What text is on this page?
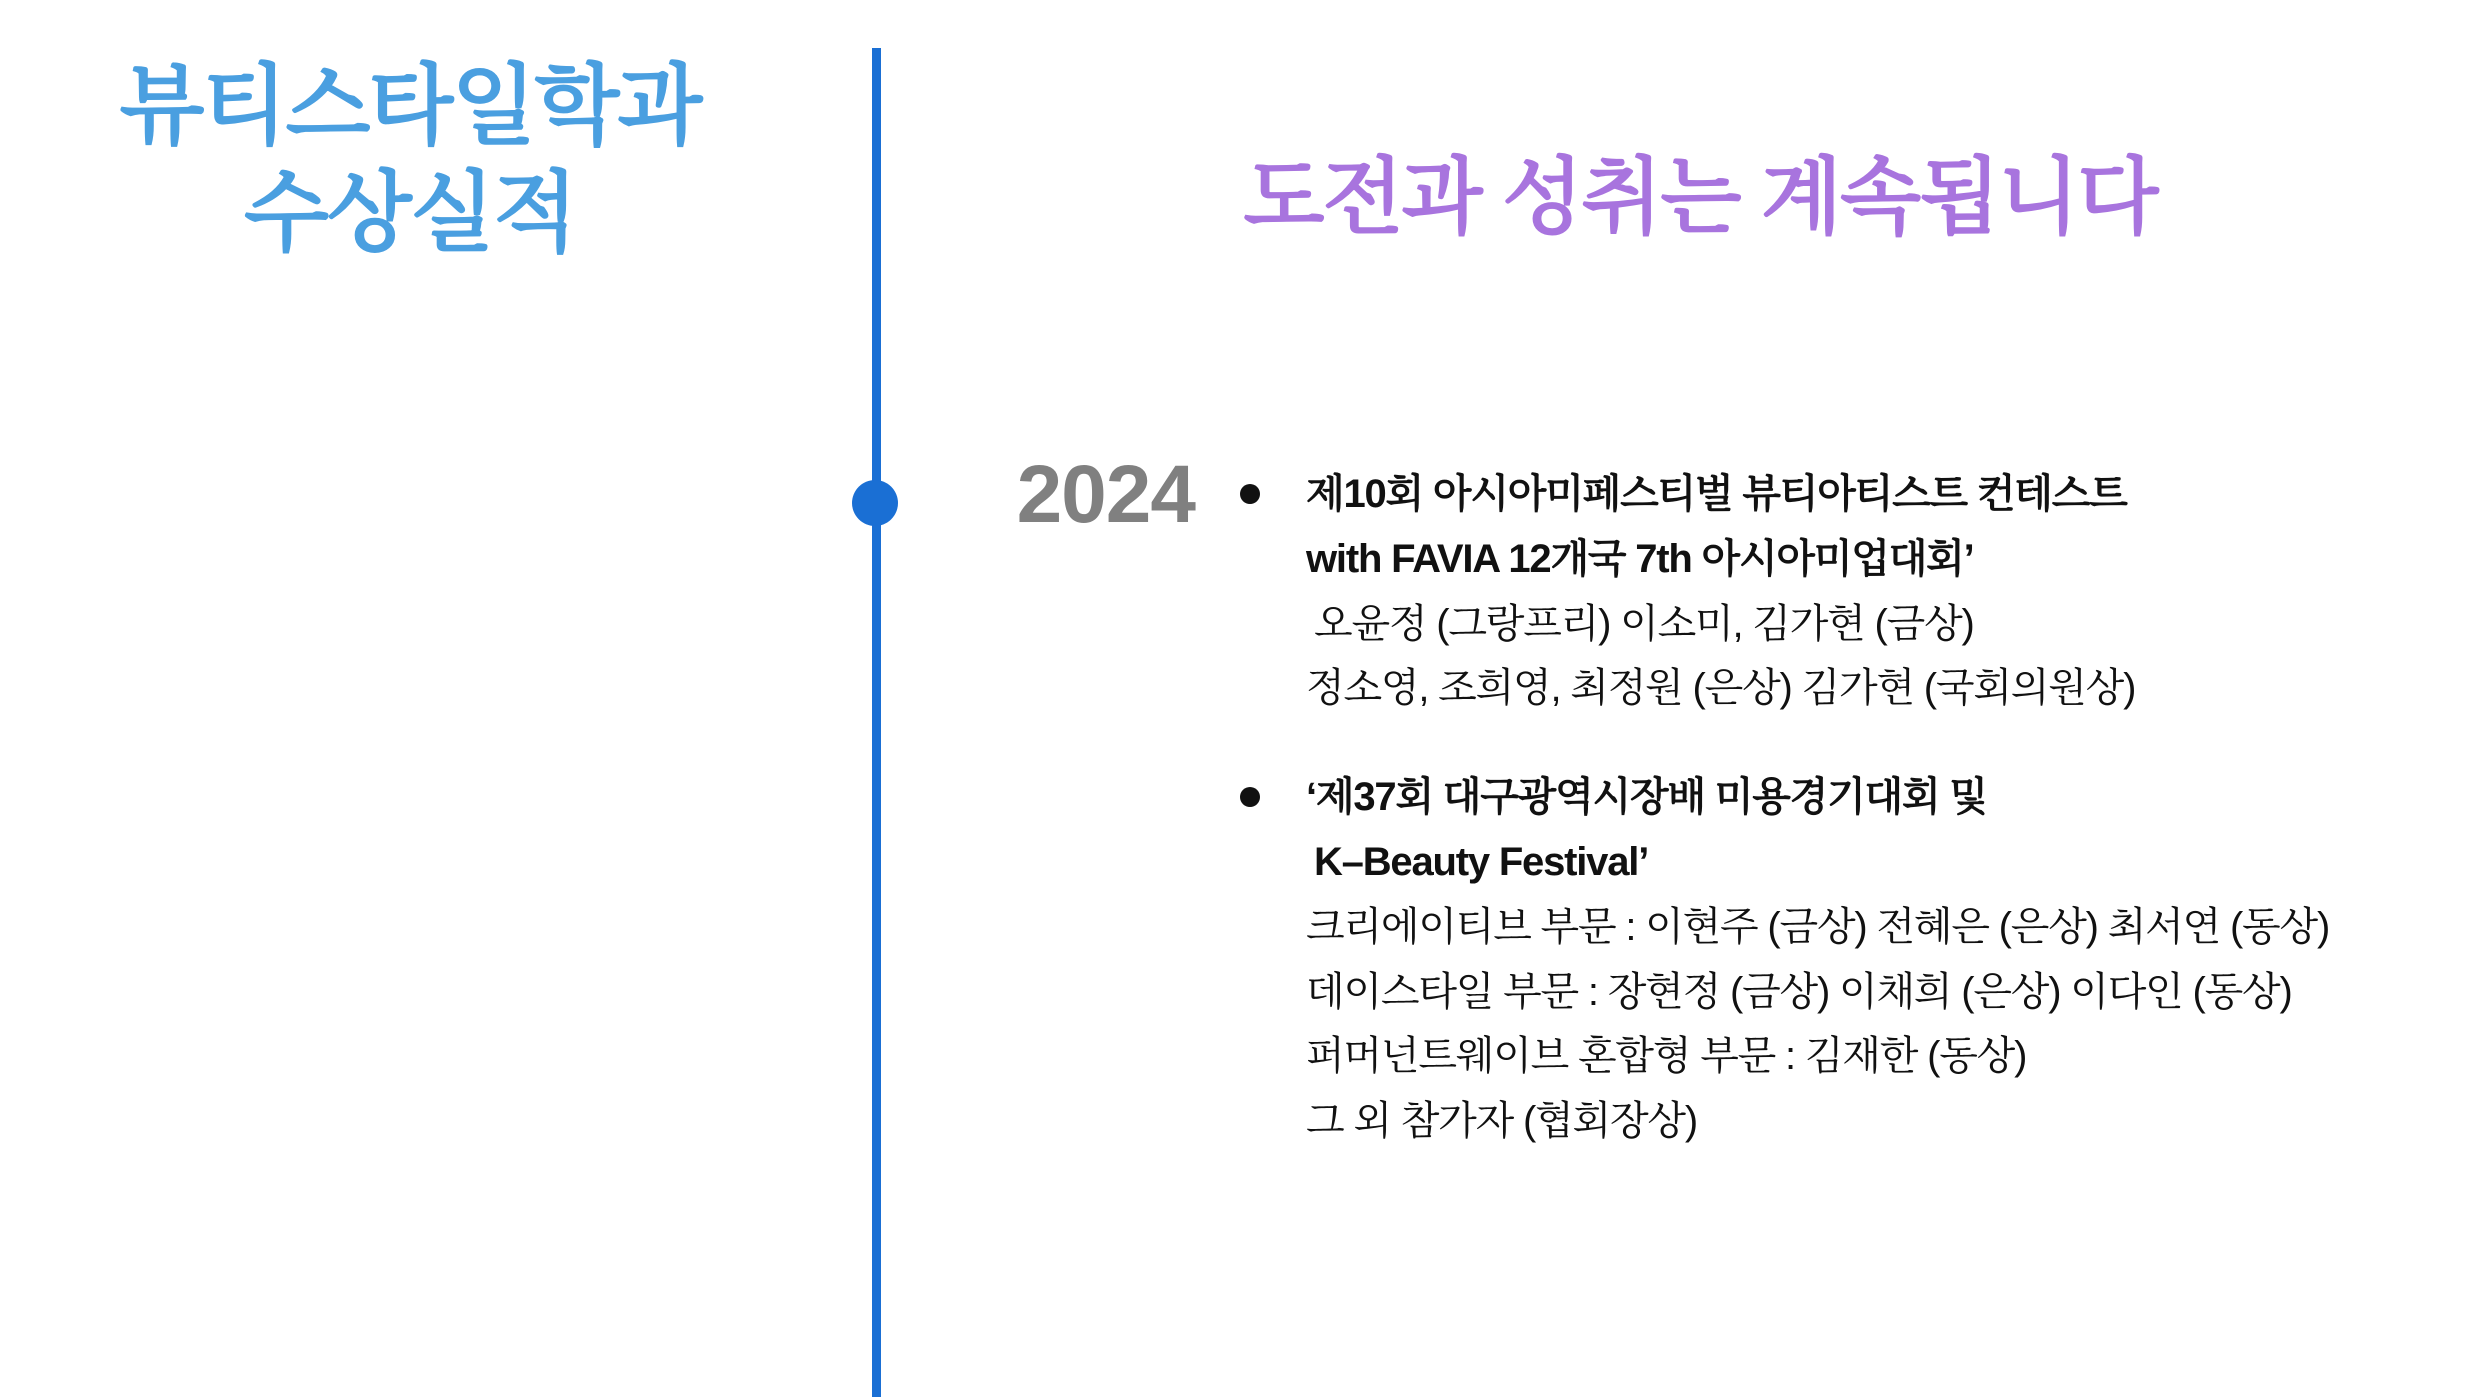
뷰티스타일학과
수상실적	도전과 성취는 계속됩니다
2024	제10회 아시아미페스티벌 뷰티아티스트 컨테스트
with FAVIA 12개국 7th 아시아미업대회’
오윤정 (그랑프리) 이소미, 김가현 (금상)
정소영, 조희영, 최정원 (은상) 김가현 (국회의원상)
‘제37회 대구광역시장배 미용경기대회 및
K–Beauty Festival’
크리에이티브 부문 : 이현주 (금상) 전혜은 (은상) 최서연 (동상)
데이스타일 부문 : 장현정 (금상) 이채희 (은상) 이다인 (동상)
퍼머넌트웨이브 혼합형 부문 : 김재한 (동상)
그 외 참가자 (협회장상)
